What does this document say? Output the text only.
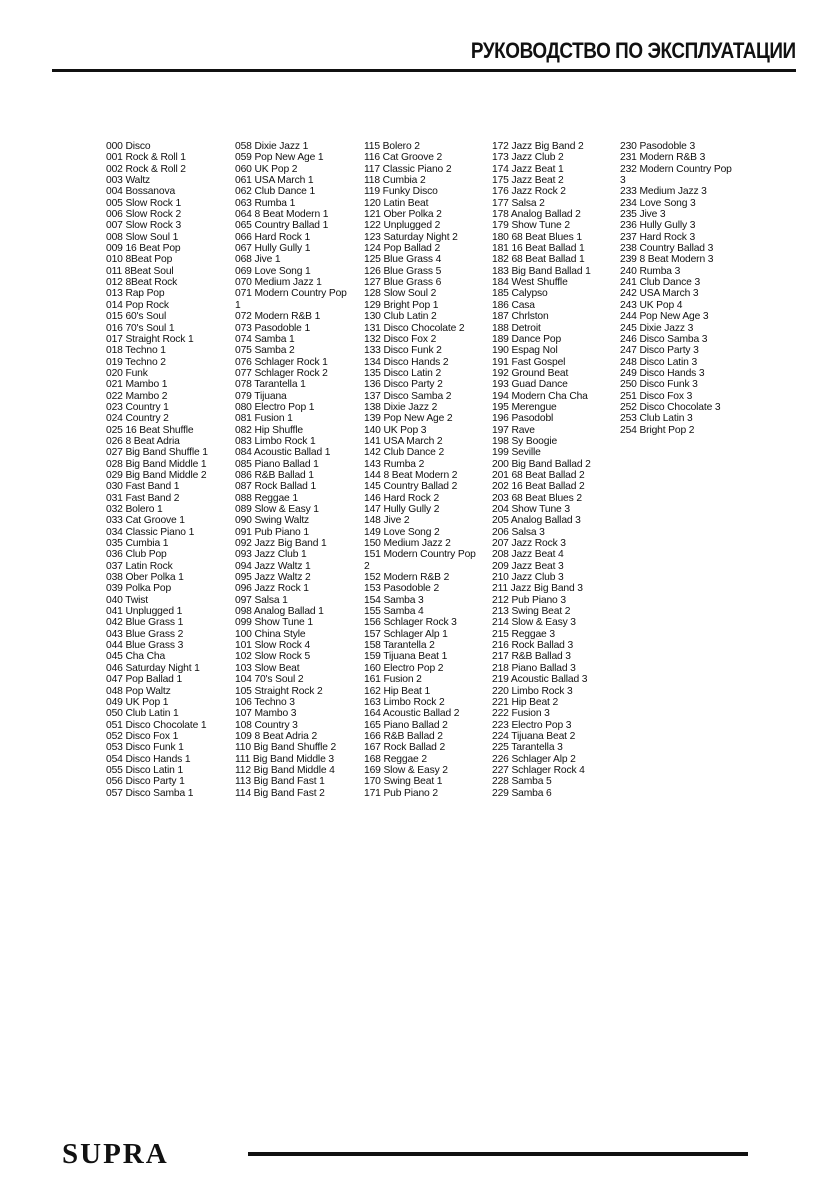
РУКОВОДСТВО ПО ЭКСПЛУАТАЦИИ
000 Disco
001 Rock & Roll 1
002 Rock & Roll 2
003 Waltz
004 Bossanova
005 Slow Rock 1
006 Slow Rock 2
007 Slow Rock 3
008 Slow Soul 1
009 16 Beat Pop
010 8Beat Pop
011 8Beat Soul
012 8Beat Rock
013 Rap Pop
014 Pop Rock
015 60's Soul
016 70's Soul 1
017 Straight Rock 1
018 Techno 1
019 Techno 2
020 Funk
021 Mambo 1
022 Mambo 2
023 Country 1
024 Country 2
025 16 Beat Shuffle
026 8 Beat Adria
027 Big Band Shuffle 1
028 Big Band Middle 1
029 Big Band Middle 2
030 Fast Band 1
031 Fast Band 2
032 Bolero 1
033 Cat Groove 1
034 Classic Piano 1
035 Cumbia 1
036 Club Pop
037 Latin Rock
038 Ober Polka 1
039 Polka Pop
040 Twist
041 Unplugged 1
042 Blue Grass 1
043 Blue Grass 2
044 Blue Grass 3
045 Cha Cha
046 Saturday Night 1
047 Pop Ballad 1
048 Pop Waltz
049 UK Pop 1
050 Club Latin 1
051 Disco Chocolate 1
052 Disco Fox 1
053 Disco Funk 1
054 Disco Hands 1
055 Disco Latin 1
056 Disco Party 1
057 Disco Samba 1
058 Dixie Jazz 1
059 Pop New Age 1
060 UK Pop 2
061 USA March 1
062 Club Dance 1
063 Rumba 1
064 8 Beat Modern 1
065 Country Ballad 1
066 Hard Rock 1
067 Hully Gully 1
068 Jive 1
069 Love Song 1
070 Medium Jazz 1
071 Modern Country Pop
1
072 Modern R&B 1
073 Pasodoble 1
074 Samba 1
075 Samba 2
076 Schlager Rock 1
077 Schlager Rock 2
078 Tarantella 1
079 Tijuana
080 Electro Pop 1
081 Fusion 1
082 Hip Shuffle
083 Limbo Rock 1
084 Acoustic Ballad 1
085 Piano Ballad 1
086 R&B Ballad 1
087 Rock Ballad 1
088 Reggae 1
089 Slow & Easy 1
090 Swing Waltz
091 Pub Piano 1
092 Jazz Big Band 1
093 Jazz Club 1
094 Jazz Waltz 1
095 Jazz Waltz 2
096 Jazz Rock 1
097 Salsa 1
098 Analog Ballad 1
099 Show Tune 1
100 China Style
101 Slow Rock 4
102 Slow Rock 5
103 Slow Beat
104 70's Soul 2
105 Straight Rock 2
106 Techno 3
107 Mambo 3
108 Country 3
109 8 Beat Adria 2
110 Big Band Shuffle 2
111 Big Band Middle 3
112 Big Band Middle 4
113 Big Band Fast 1
114 Big Band Fast 2
115 Bolero 2
116 Cat Groove 2
117 Classic Piano 2
118 Cumbia 2
119 Funky Disco
120 Latin Beat
121 Ober Polka 2
122 Unplugged 2
123 Saturday Night 2
124 Pop Ballad 2
125 Blue Grass 4
126 Blue Grass 5
127 Blue Grass 6
128 Slow Soul 2
129 Bright Pop 1
130 Club Latin 2
131 Disco Chocolate 2
132 Disco Fox 2
133 Disco Funk 2
134 Disco Hands 2
135 Disco Latin 2
136 Disco Party 2
137 Disco Samba 2
138 Dixie Jazz 2
139 Pop New Age 2
140 UK Pop 3
141 USA March 2
142 Club Dance 2
143 Rumba 2
144 8 Beat Modern 2
145 Country Ballad 2
146 Hard Rock 2
147 Hully Gully 2
148 Jive 2
149 Love Song 2
150 Medium Jazz 2
151 Modern Country Pop
2
152 Modern R&B 2
153 Pasodoble 2
154 Samba 3
155 Samba 4
156 Schlager Rock 3
157 Schlager Alp 1
158 Tarantella 2
159 Tijuana Beat 1
160 Electro Pop 2
161 Fusion 2
162 Hip Beat 1
163 Limbo Rock 2
164 Acoustic Ballad 2
165 Piano Ballad 2
166 R&B Ballad 2
167 Rock Ballad 2
168 Reggae 2
169 Slow & Easy 2
170 Swing Beat 1
171 Pub Piano 2
172 Jazz Big Band 2
173 Jazz Club 2
174 Jazz Beat 1
175 Jazz Beat 2
176 Jazz Rock 2
177 Salsa 2
178 Analog Ballad 2
179 Show Tune 2
180 68 Beat Blues 1
181 16 Beat Ballad 1
182 68 Beat Ballad 1
183 Big Band Ballad 1
184 West Shuffle
185 Calypso
186 Casa
187 Chrlston
188 Detroit
189 Dance Pop
190 Espag Nol
191 Fast Gospel
192 Ground Beat
193 Guad Dance
194 Modern Cha Cha
195 Merengue
196 Pasodobl
197 Rave
198 Sy Boogie
199 Seville
200 Big Band Ballad 2
201 68 Beat Ballad 2
202 16 Beat Ballad 2
203 68 Beat Blues 2
204 Show Tune 3
205 Analog Ballad 3
206 Salsa 3
207 Jazz Rock 3
208 Jazz Beat 4
209 Jazz Beat 3
210 Jazz Club 3
211 Jazz Big Band 3
212 Pub Piano 3
213 Swing Beat 2
214 Slow & Easy 3
215 Reggae 3
216 Rock Ballad 3
217 R&B Ballad 3
218 Piano Ballad 3
219 Acoustic Ballad 3
220 Limbo Rock 3
221 Hip Beat 2
222 Fusion 3
223 Electro Pop 3
224 Tijuana Beat 2
225 Tarantella 3
226 Schlager Alp 2
227 Schlager Rock 4
228 Samba 5
229 Samba 6
230 Pasodoble 3
231 Modern R&B 3
232 Modern Country Pop
3
233 Medium Jazz 3
234 Love Song 3
235 Jive 3
236 Hully Gully 3
237 Hard Rock 3
238 Country Ballad 3
239 8 Beat Modern 3
240 Rumba 3
241 Club Dance 3
242 USA March 3
243 UK Pop 4
244 Pop New Age 3
245 Dixie Jazz 3
246 Disco Samba 3
247 Disco Party 3
248 Disco Latin 3
249 Disco Hands 3
250 Disco Funk 3
251 Disco Fox 3
252 Disco Chocolate 3
253 Club Latin 3
254 Bright Pop 2
SUPRA
